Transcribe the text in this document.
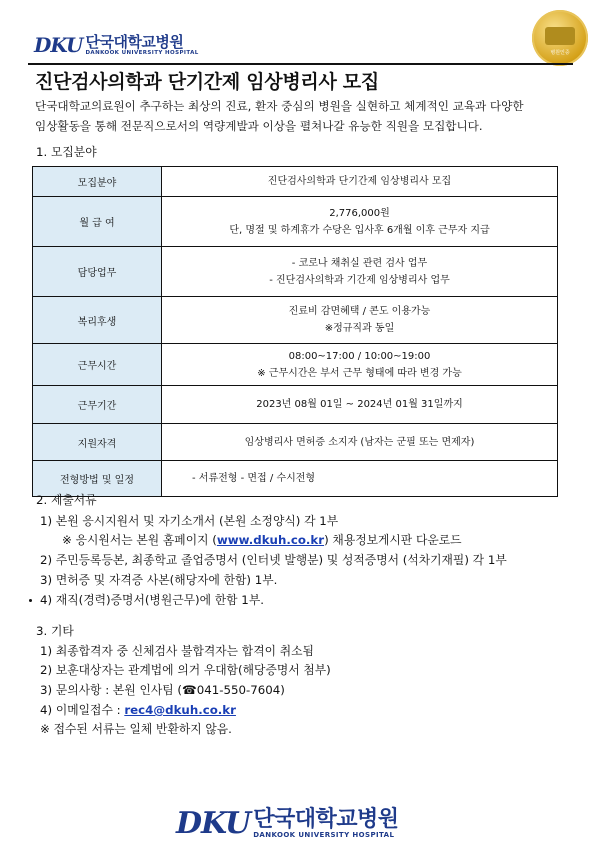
DKU 단국대학교병원
DANKOOK UNIVERSITY HOSPITAL	병원인증
진단검사의학과 단기간제 임상병리사 모집
단국대학교의료원이 추구하는 최상의 진료, 환자 중심의 병원을 실현하고 체계적인 교육과 다양한
임상활동을 통해 전문직으로서의 역량계발과 이상을 펼쳐나갈 유능한 직원을 모집합니다.
1. 모집분야
모집분야	진단검사의학과 단기간제 임상병리사 모집

월 급 여	2,776,000원
단, 명절 및 하계휴가 수당은 입사후 6개월 이후 근무자 지급

담당업무	- 코로나 채취실 관련 검사 업무
- 진단검사의학과 기간제 임상병리사 업무

복리후생	진료비 감면혜택 / 콘도 이용가능
※정규직과 동일

근무시간	08:00~17:00 / 10:00~19:00
※ 근무시간은 부서 근무 형태에 따라 변경 가능

근무기간	2023년 08월 01일 ~ 2024년 01월 31일까지

지원자격	임상병리사 면허증 소지자 (남자는 군필 또는 면제자)

전형방법 및 일정	- 서류전형 - 면접 / 수시전형
2. 제출서류
1) 본원 응시지원서 및 자기소개서 (본원 소정양식) 각 1부
※ 응시원서는 본원 홈페이지 (www.dkuh.co.kr) 채용정보게시판 다운로드
2) 주민등록등본, 최종학교 졸업증명서 (인터넷 발행분) 및 성적증명서 (석차기재필) 각 1부
3) 면허증 및 자격증 사본(해당자에 한함) 1부.
4) 재직(경력)증명서(병원근무)에 한함 1부.
3. 기타
1) 최종합격자 중 신체검사 불합격자는 합격이 취소됨
2) 보훈대상자는 관계법에 의거 우대함(해당증명서 첨부)
3) 문의사항 : 본원 인사팀 (☎041-550-7604)
4) 이메일접수 : rec4@dkuh.co.kr
※ 접수된 서류는 일체 반환하지 않음.
DKU 단국대학교병원
DANKOOK UNIVERSITY HOSPITAL
